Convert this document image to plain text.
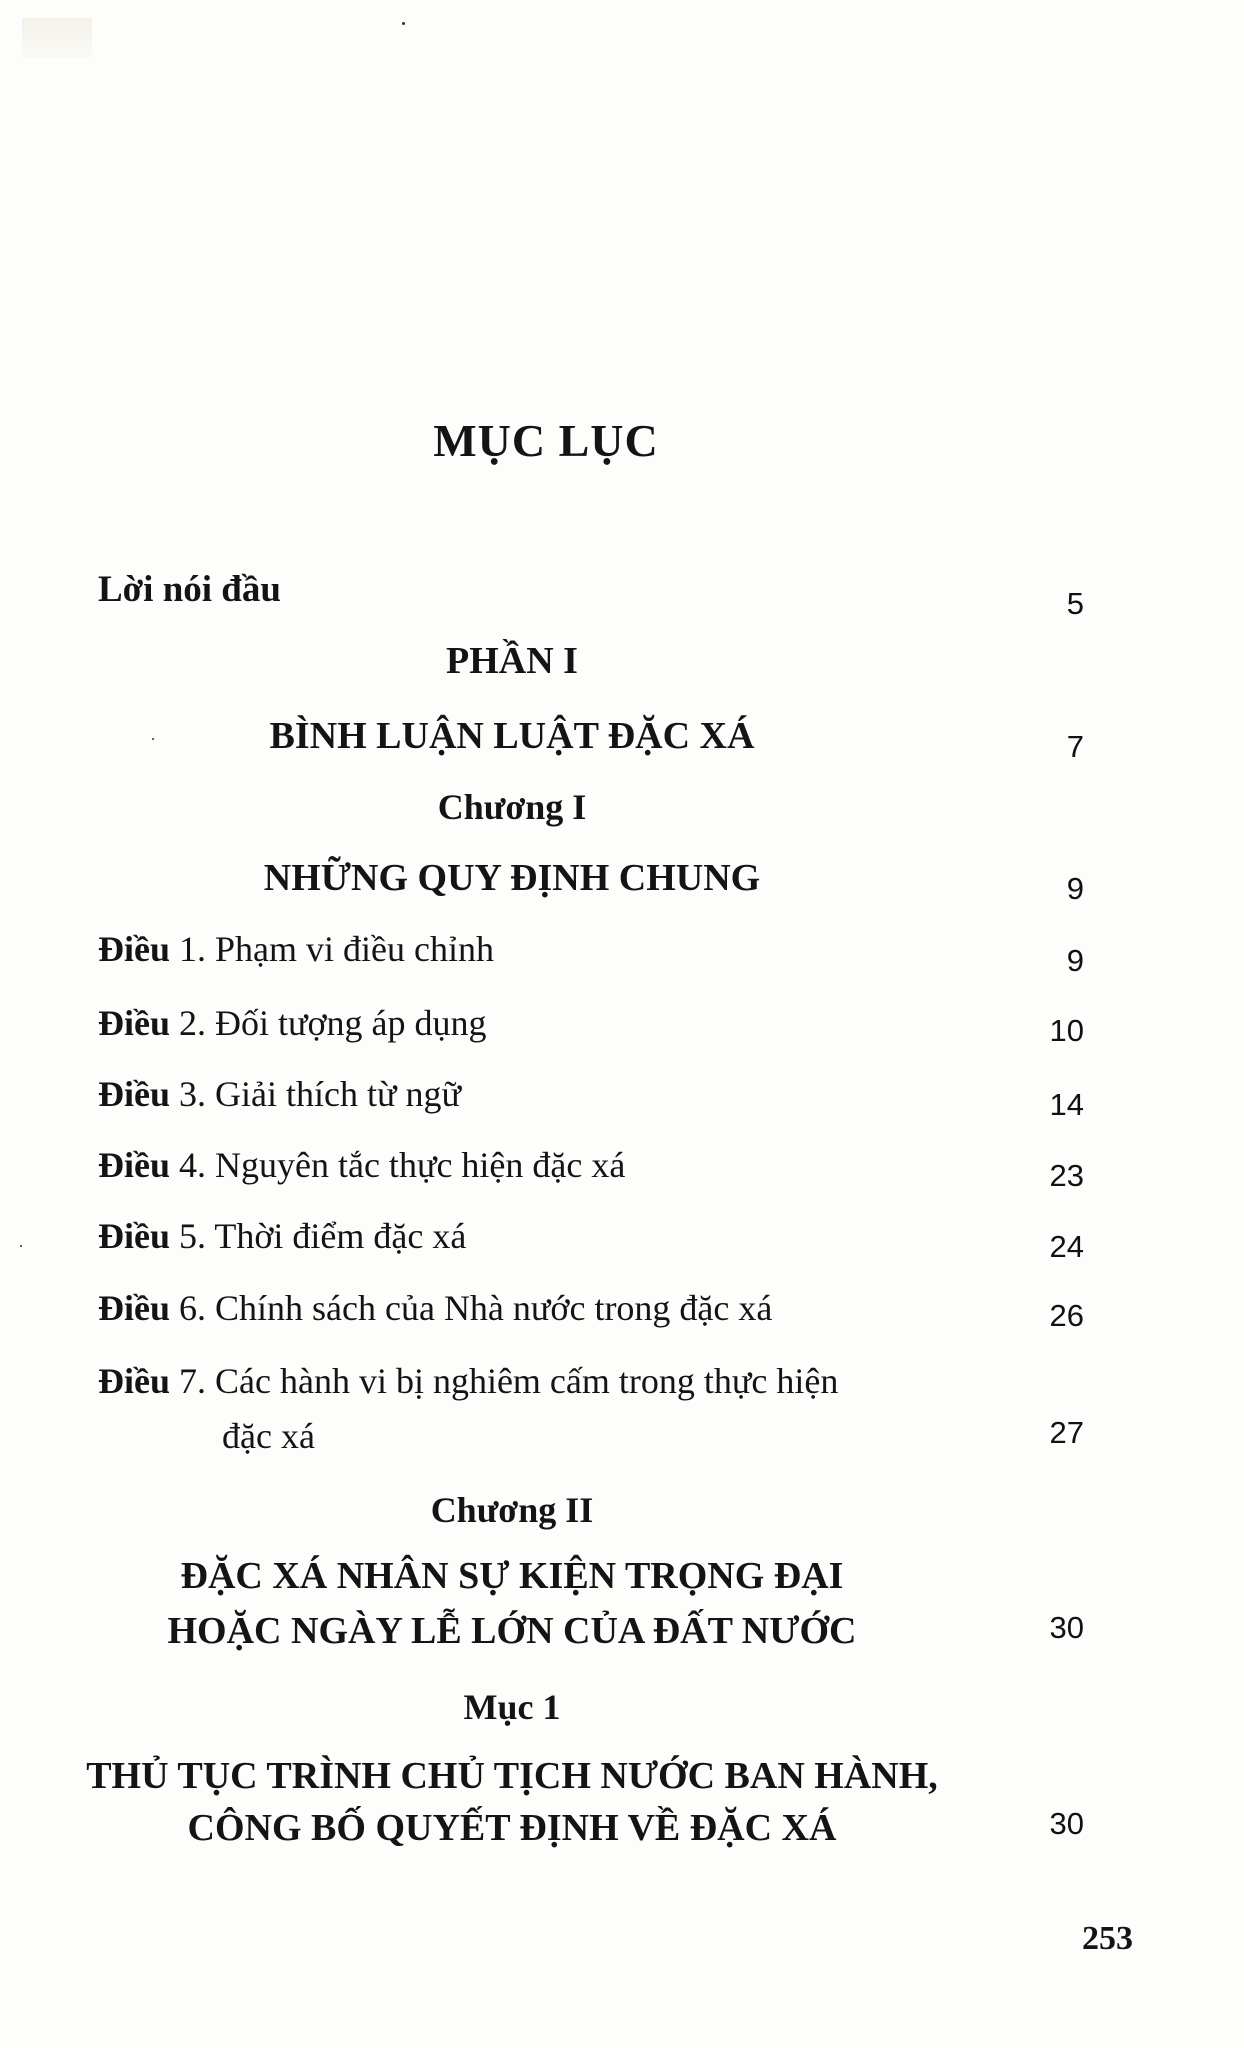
MỤC LỤC
Lời nói đầu	5
PHẦN I
BÌNH LUẬN LUẬT ĐẶC XÁ	7
Chương I
NHỮNG QUY ĐỊNH CHUNG	9
Điều 1. Phạm vi điều chỉnh	9
Điều 2. Đối tượng áp dụng	10
Điều 3. Giải thích từ ngữ	14
Điều 4. Nguyên tắc thực hiện đặc xá	23
Điều 5. Thời điểm đặc xá	24
Điều 6. Chính sách của Nhà nước trong đặc xá	26
Điều 7. Các hành vi bị nghiêm cấm trong thực hiện
đặc xá	27
Chương II
ĐẶC XÁ NHÂN SỰ KIỆN TRỌNG ĐẠI
HOẶC NGÀY LỄ LỚN CỦA ĐẤT NƯỚC	30
Mục 1
THỦ TỤC TRÌNH CHỦ TỊCH NƯỚC BAN HÀNH,
CÔNG BỐ QUYẾT ĐỊNH VỀ ĐẶC XÁ	30
253
